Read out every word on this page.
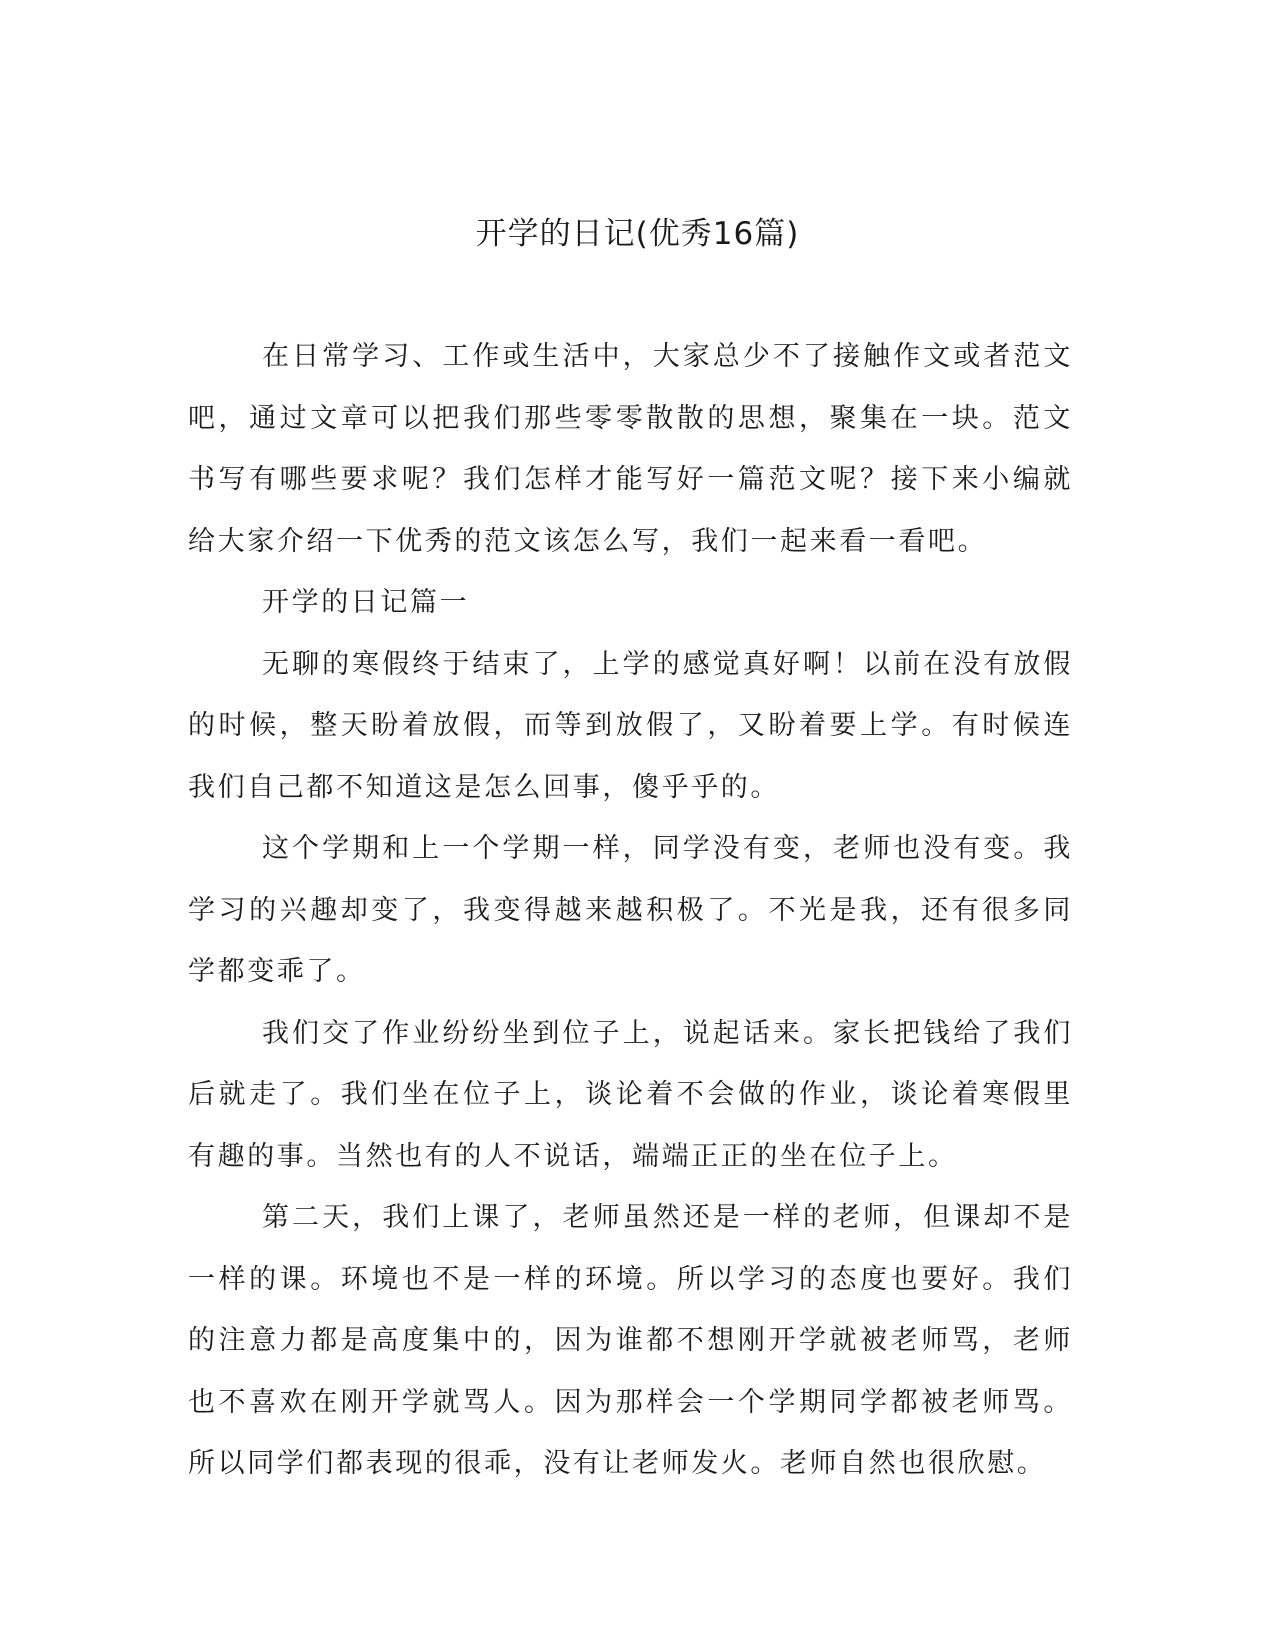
开学的日记(优秀16篇)

在日常学习、工作或生活中，大家总少不了接触作文或者范文吧，通过文章可以把我们那些零零散散的思想，聚集在一块。范文书写有哪些要求呢？我们怎样才能写好一篇范文呢？接下来小编就给大家介绍一下优秀的范文该怎么写，我们一起来看一看吧。

开学的日记篇一

无聊的寒假终于结束了，上学的感觉真好啊！以前在没有放假的时候，整天盼着放假，而等到放假了，又盼着要上学。有时候连我们自己都不知道这是怎么回事，傻乎乎的。

这个学期和上一个学期一样，同学没有变，老师也没有变。我学习的兴趣却变了，我变得越来越积极了。不光是我，还有很多同学都变乖了。

我们交了作业纷纷坐到位子上，说起话来。家长把钱给了我们后就走了。我们坐在位子上，谈论着不会做的作业，谈论着寒假里有趣的事。当然也有的人不说话，端端正正的坐在位子上。

第二天，我们上课了，老师虽然还是一样的老师，但课却不是一样的课。环境也不是一样的环境。所以学习的态度也要好。我们的注意力都是高度集中的，因为谁都不想刚开学就被老师骂，老师也不喜欢在刚开学就骂人。因为那样会一个学期同学都被老师骂。所以同学们都表现的很乖，没有让老师发火。老师自然也很欣慰。
